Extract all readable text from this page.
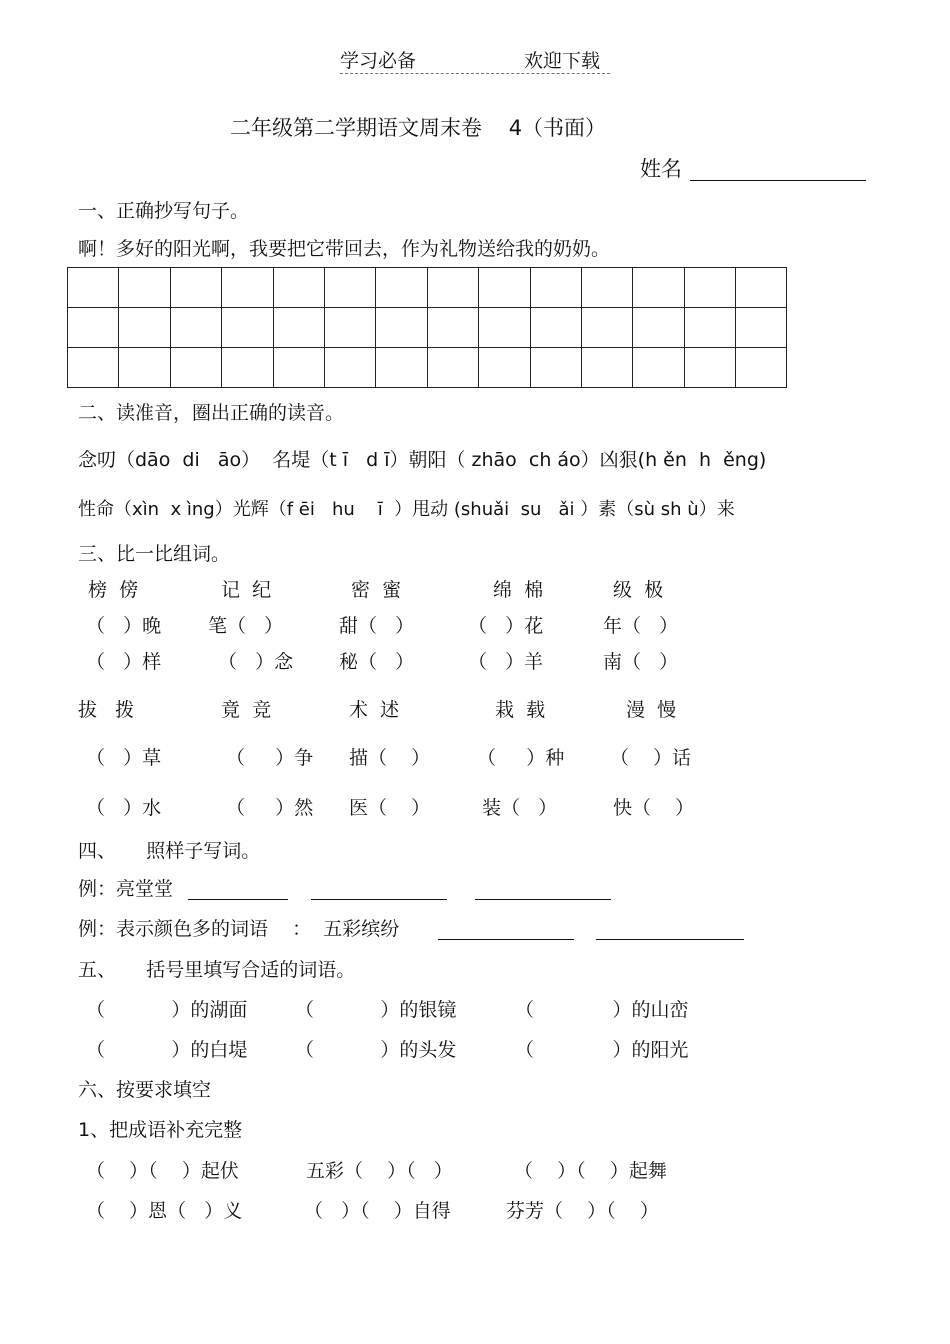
学习必备	欢迎下载
二年级第二学期语文周末卷    4（书面）
姓名
一、正确抄写句子。
啊！多好的阳光啊，我要把它带回去，作为礼物送给我的奶奶。

二、读准音，圈出正确的读音。
念叨（dāo  di   āo）  名堤（t ī   d ī）朝阳（ zhāo  ch áo）凶狠(h ěn  h  ěng)
性命（xìn  x ìng）光辉（f ēi   hu    ī  ）甩动 (shuǎi  su   ǎi ）素（sù sh ù）来
三、比一比组词。
榜  傍	记  纪	密  蜜	绵  棉	级  极
（   ）晚 笔（   ）	甜（   ）	（   ）花	年（   ）
（   ）样	（   ）念 秘（   ）	（   ）羊	南（   ）
拔   拨	竟  竞	术  述	栽  载	漫  慢
（   ）草	（     ）争 描（    ） （     ）种 （    ）话
（   ）水	（     ）然 医（    ）	装（   ）	快（    ）
四、     照样子写词。
例：亮堂堂
例：表示颜色多的词语    ：  五彩缤纷
五、     括号里填写合适的词语。
（           ）的湖面	（           ）的银镜	（             ）的山峦
（           ）的白堤	（           ）的头发	（             ）的阳光
六、按要求填空
1、把成语补充完整
（    ）（    ）起伏	五彩（    ）（   ）	（    ）（    ）起舞
（    ）恩（   ）义	（   ）（    ）自得	芬芳（    ）（    ）
